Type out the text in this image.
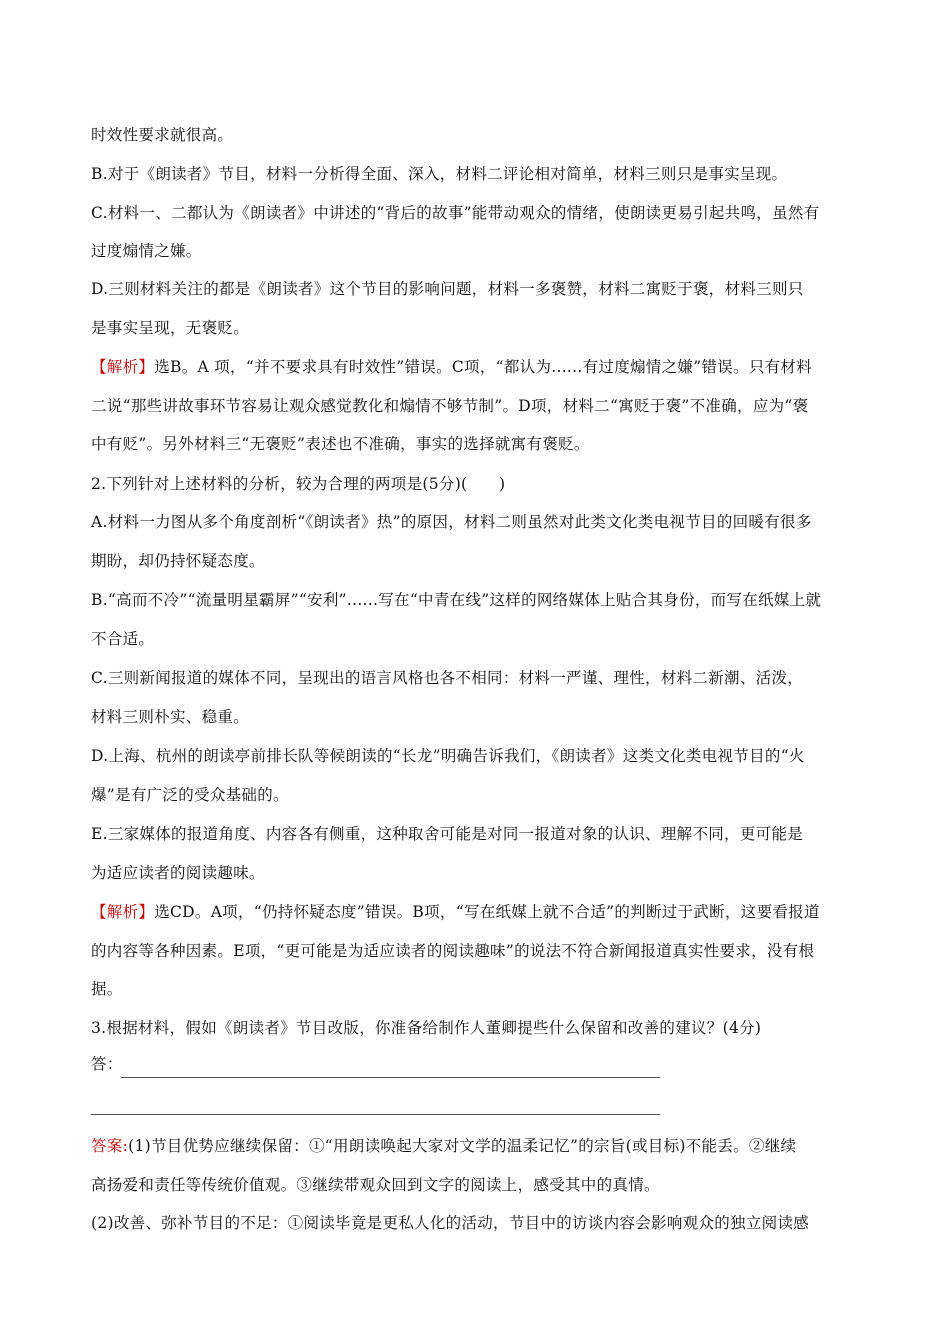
时效性要求就很高。
B.对于《朗读者》节目，材料一分析得全面、深入，材料二评论相对简单，材料三则只是事实呈现。
C.材料一、二都认为《朗读者》中讲述的“背后的故事”能带动观众的情绪，使朗读更易引起共鸣，虽然有
过度煽情之嫌。
D.三则材料关注的都是《朗读者》这个节目的影响问题，材料一多褒赞，材料二寓贬于褒，材料三则只
是事实呈现，无褒贬。
【解析】选B。A 项，“并不要求具有时效性”错误。C项，“都认为......有过度煽情之嫌”错误。只有材料
二说“那些讲故事环节容易让观众感觉教化和煽情不够节制”。D项，材料二“寓贬于褒”不准确，应为“褒
中有贬”。另外材料三“无褒贬”表述也不准确，事实的选择就寓有褒贬。
2.下列针对上述材料的分析，较为合理的两项是(5分)(　　)
A.材料一力图从多个角度剖析“《朗读者》热”的原因，材料二则虽然对此类文化类电视节目的回暖有很多
期盼，却仍持怀疑态度。
B.“高而不冷”“流量明星霸屏”“安利”......写在“中青在线”这样的网络媒体上贴合其身份，而写在纸媒上就
不合适。
C.三则新闻报道的媒体不同，呈现出的语言风格也各不相同：材料一严谨、理性，材料二新潮、活泼，
材料三则朴实、稳重。
D.上海、杭州的朗读亭前排长队等候朗读的“长龙”明确告诉我们，《朗读者》这类文化类电视节目的“火
爆”是有广泛的受众基础的。
E.三家媒体的报道角度、内容各有侧重，这种取舍可能是对同一报道对象的认识、理解不同，更可能是
为适应读者的阅读趣味。
【解析】选CD。A项，“仍持怀疑态度”错误。B项，“写在纸媒上就不合适”的判断过于武断，这要看报道
的内容等各种因素。E项，“更可能是为适应读者的阅读趣味”的说法不符合新闻报道真实性要求，没有根
据。
3.根据材料，假如《朗读者》节目改版，你准备给制作人董卿提些什么保留和改善的建议？(4分)
答：
答案:(1)节目优势应继续保留：①“用朗读唤起大家对文学的温柔记忆”的宗旨(或目标)不能丢。②继续
高扬爱和责任等传统价值观。③继续带观众回到文字的阅读上，感受其中的真情。
(2)改善、弥补节目的不足：①阅读毕竟是更私人化的活动，节目中的访谈内容会影响观众的独立阅读感
